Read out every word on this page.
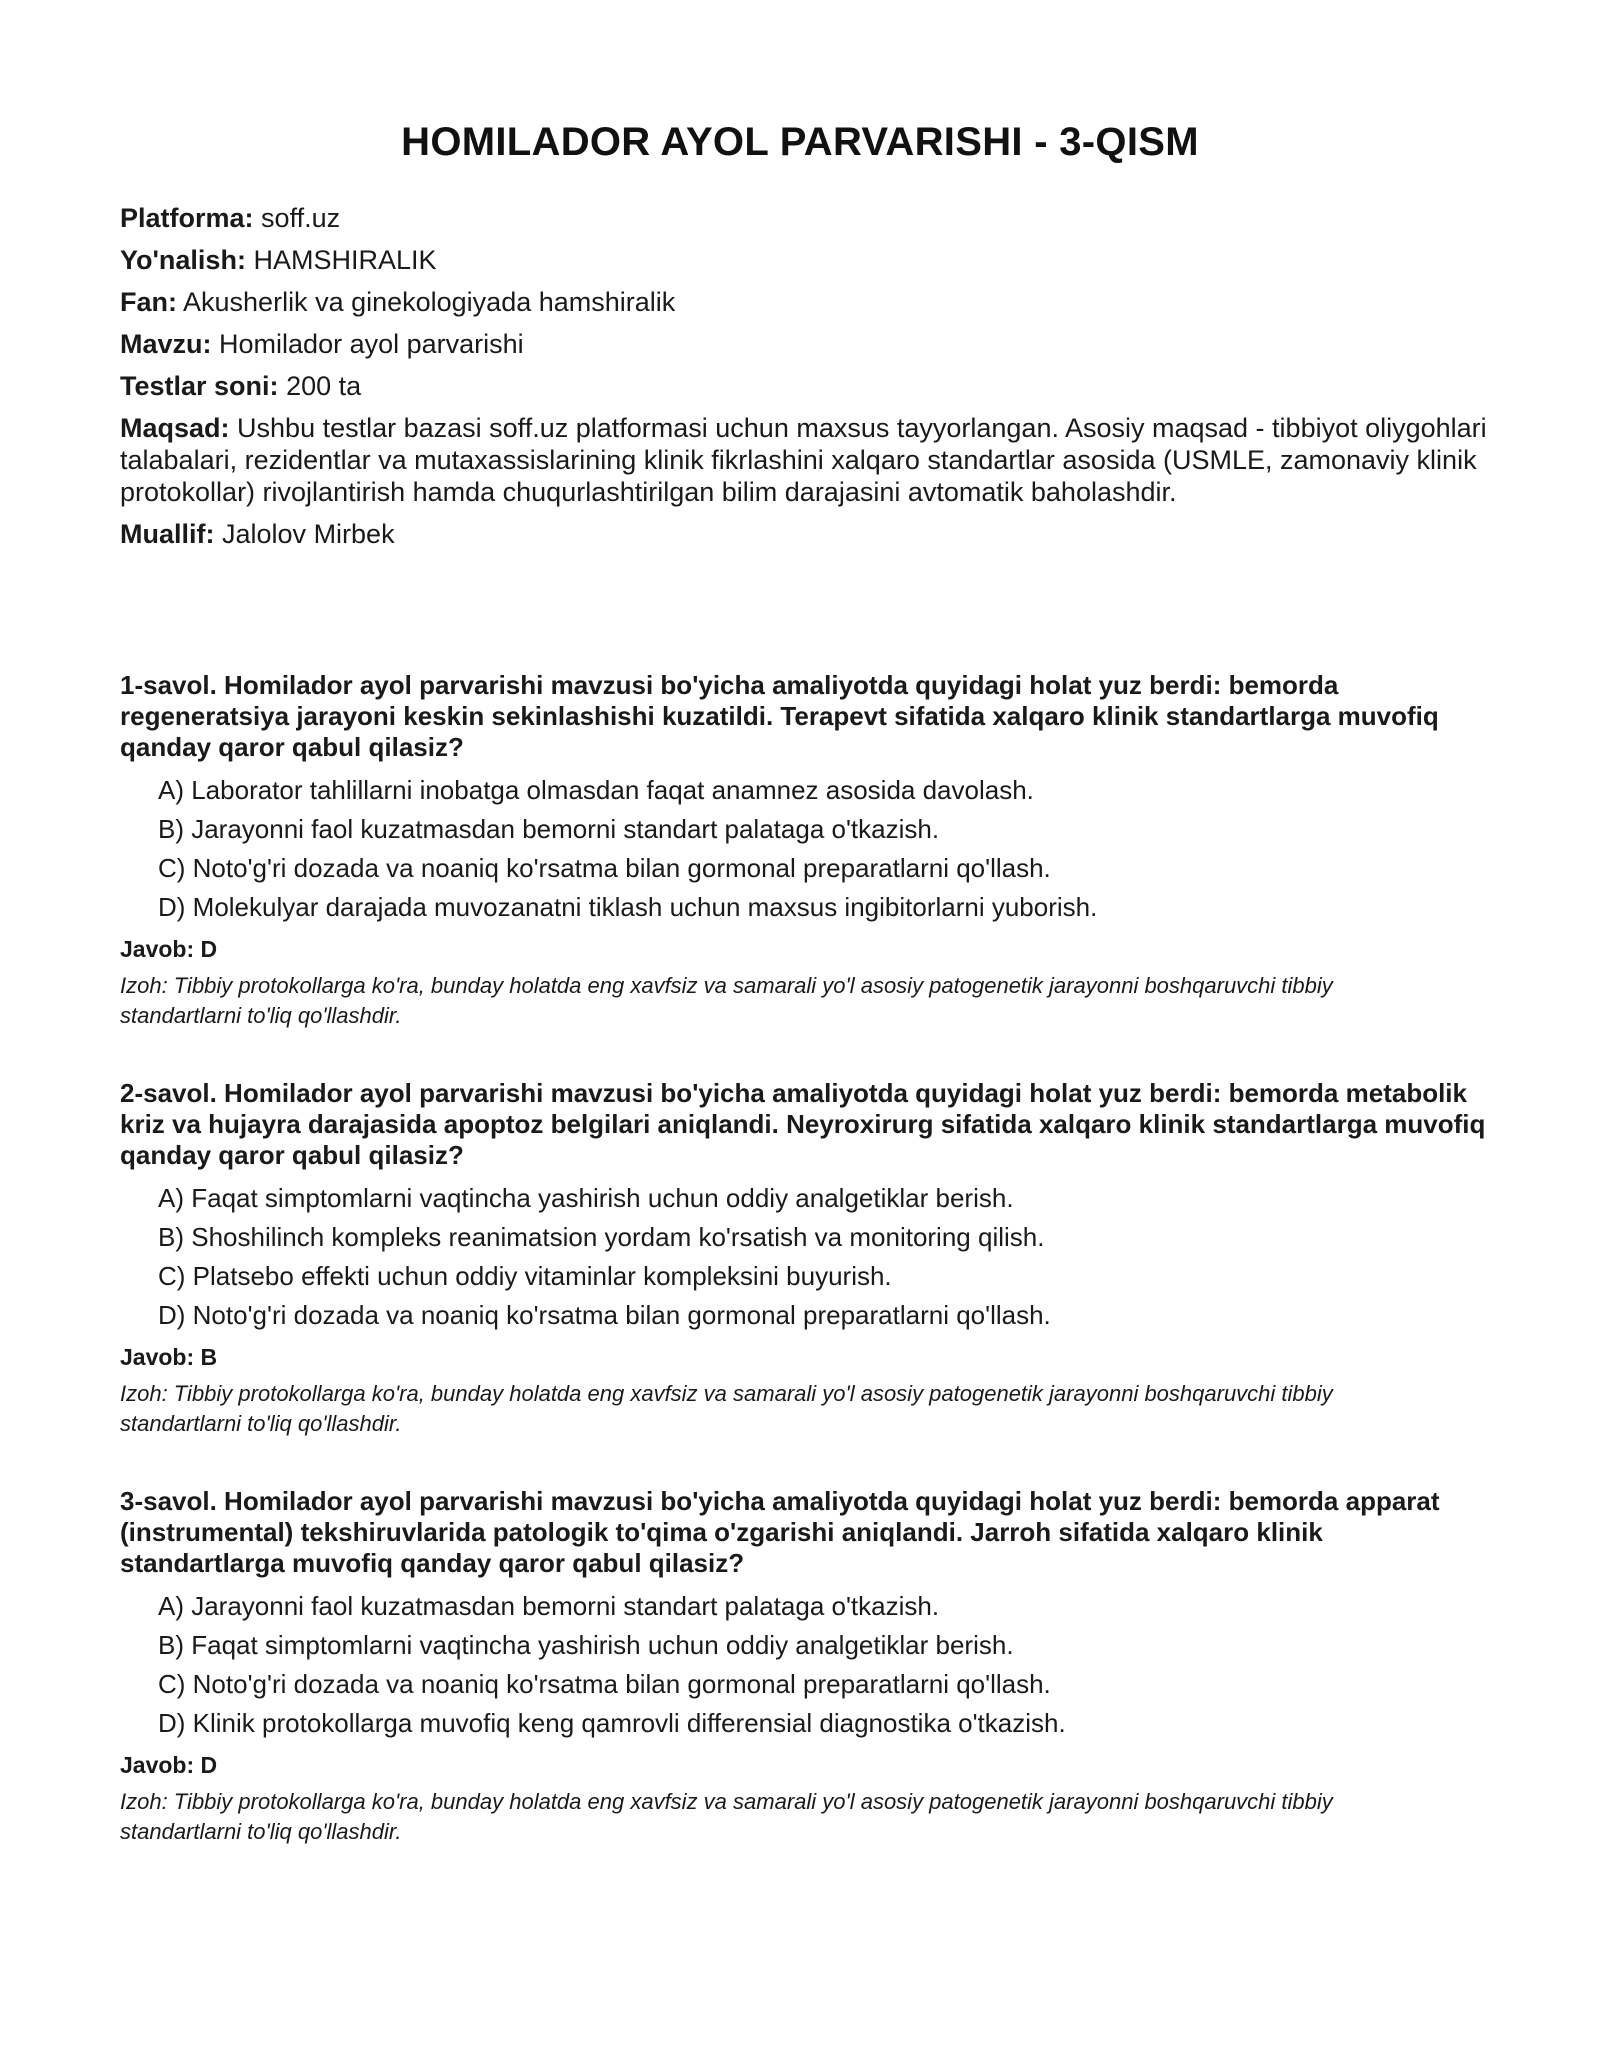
HOMILADOR AYOL PARVARISHI - 3-QISM
Platforma: soff.uz
Yo'nalish: HAMSHIRALIK
Fan: Akusherlik va ginekologiyada hamshiralik
Mavzu: Homilador ayol parvarishi
Testlar soni: 200 ta
Maqsad: Ushbu testlar bazasi soff.uz platformasi uchun maxsus tayyorlangan. Asosiy maqsad - tibbiyot oliygohlari talabalari, rezidentlar va mutaxassislarining klinik fikrlashini xalqaro standartlar asosida (USMLE, zamonaviy klinik protokollar) rivojlantirish hamda chuqurlashtirilgan bilim darajasini avtomatik baholashdir.
Muallif: Jalolov Mirbek
1-savol. Homilador ayol parvarishi mavzusi bo'yicha amaliyotda quyidagi holat yuz berdi: bemorda regeneratsiya jarayoni keskin sekinlashishi kuzatildi. Terapevt sifatida xalqaro klinik standartlarga muvofiq qanday qaror qabul qilasiz?
A) Laborator tahlillarni inobatga olmasdan faqat anamnez asosida davolash.
B) Jarayonni faol kuzatmasdan bemorni standart palataga o'tkazish.
C) Noto'g'ri dozada va noaniq ko'rsatma bilan gormonal preparatlarni qo'llash.
D) Molekulyar darajada muvozanatni tiklash uchun maxsus ingibitorlarni yuborish.
Javob: D
Izoh: Tibbiy protokollarga ko'ra, bunday holatda eng xavfsiz va samarali yo'l asosiy patogenetik jarayonni boshqaruvchi tibbiy standartlarni to'liq qo'llashdir.
2-savol. Homilador ayol parvarishi mavzusi bo'yicha amaliyotda quyidagi holat yuz berdi: bemorda metabolik kriz va hujayra darajasida apoptoz belgilari aniqlandi. Neyroxirurg sifatida xalqaro klinik standartlarga muvofiq qanday qaror qabul qilasiz?
A) Faqat simptomlarni vaqtincha yashirish uchun oddiy analgetiklar berish.
B) Shoshilinch kompleks reanimatsion yordam ko'rsatish va monitoring qilish.
C) Platsebo effekti uchun oddiy vitaminlar kompleksini buyurish.
D) Noto'g'ri dozada va noaniq ko'rsatma bilan gormonal preparatlarni qo'llash.
Javob: B
Izoh: Tibbiy protokollarga ko'ra, bunday holatda eng xavfsiz va samarali yo'l asosiy patogenetik jarayonni boshqaruvchi tibbiy standartlarni to'liq qo'llashdir.
3-savol. Homilador ayol parvarishi mavzusi bo'yicha amaliyotda quyidagi holat yuz berdi: bemorda apparat (instrumental) tekshiruvlarida patologik to'qima o'zgarishi aniqlandi. Jarroh sifatida xalqaro klinik standartlarga muvofiq qanday qaror qabul qilasiz?
A) Jarayonni faol kuzatmasdan bemorni standart palataga o'tkazish.
B) Faqat simptomlarni vaqtincha yashirish uchun oddiy analgetiklar berish.
C) Noto'g'ri dozada va noaniq ko'rsatma bilan gormonal preparatlarni qo'llash.
D) Klinik protokollarga muvofiq keng qamrovli differensial diagnostika o'tkazish.
Javob: D
Izoh: Tibbiy protokollarga ko'ra, bunday holatda eng xavfsiz va samarali yo'l asosiy patogenetik jarayonni boshqaruvchi tibbiy standartlarni to'liq qo'llashdir.
